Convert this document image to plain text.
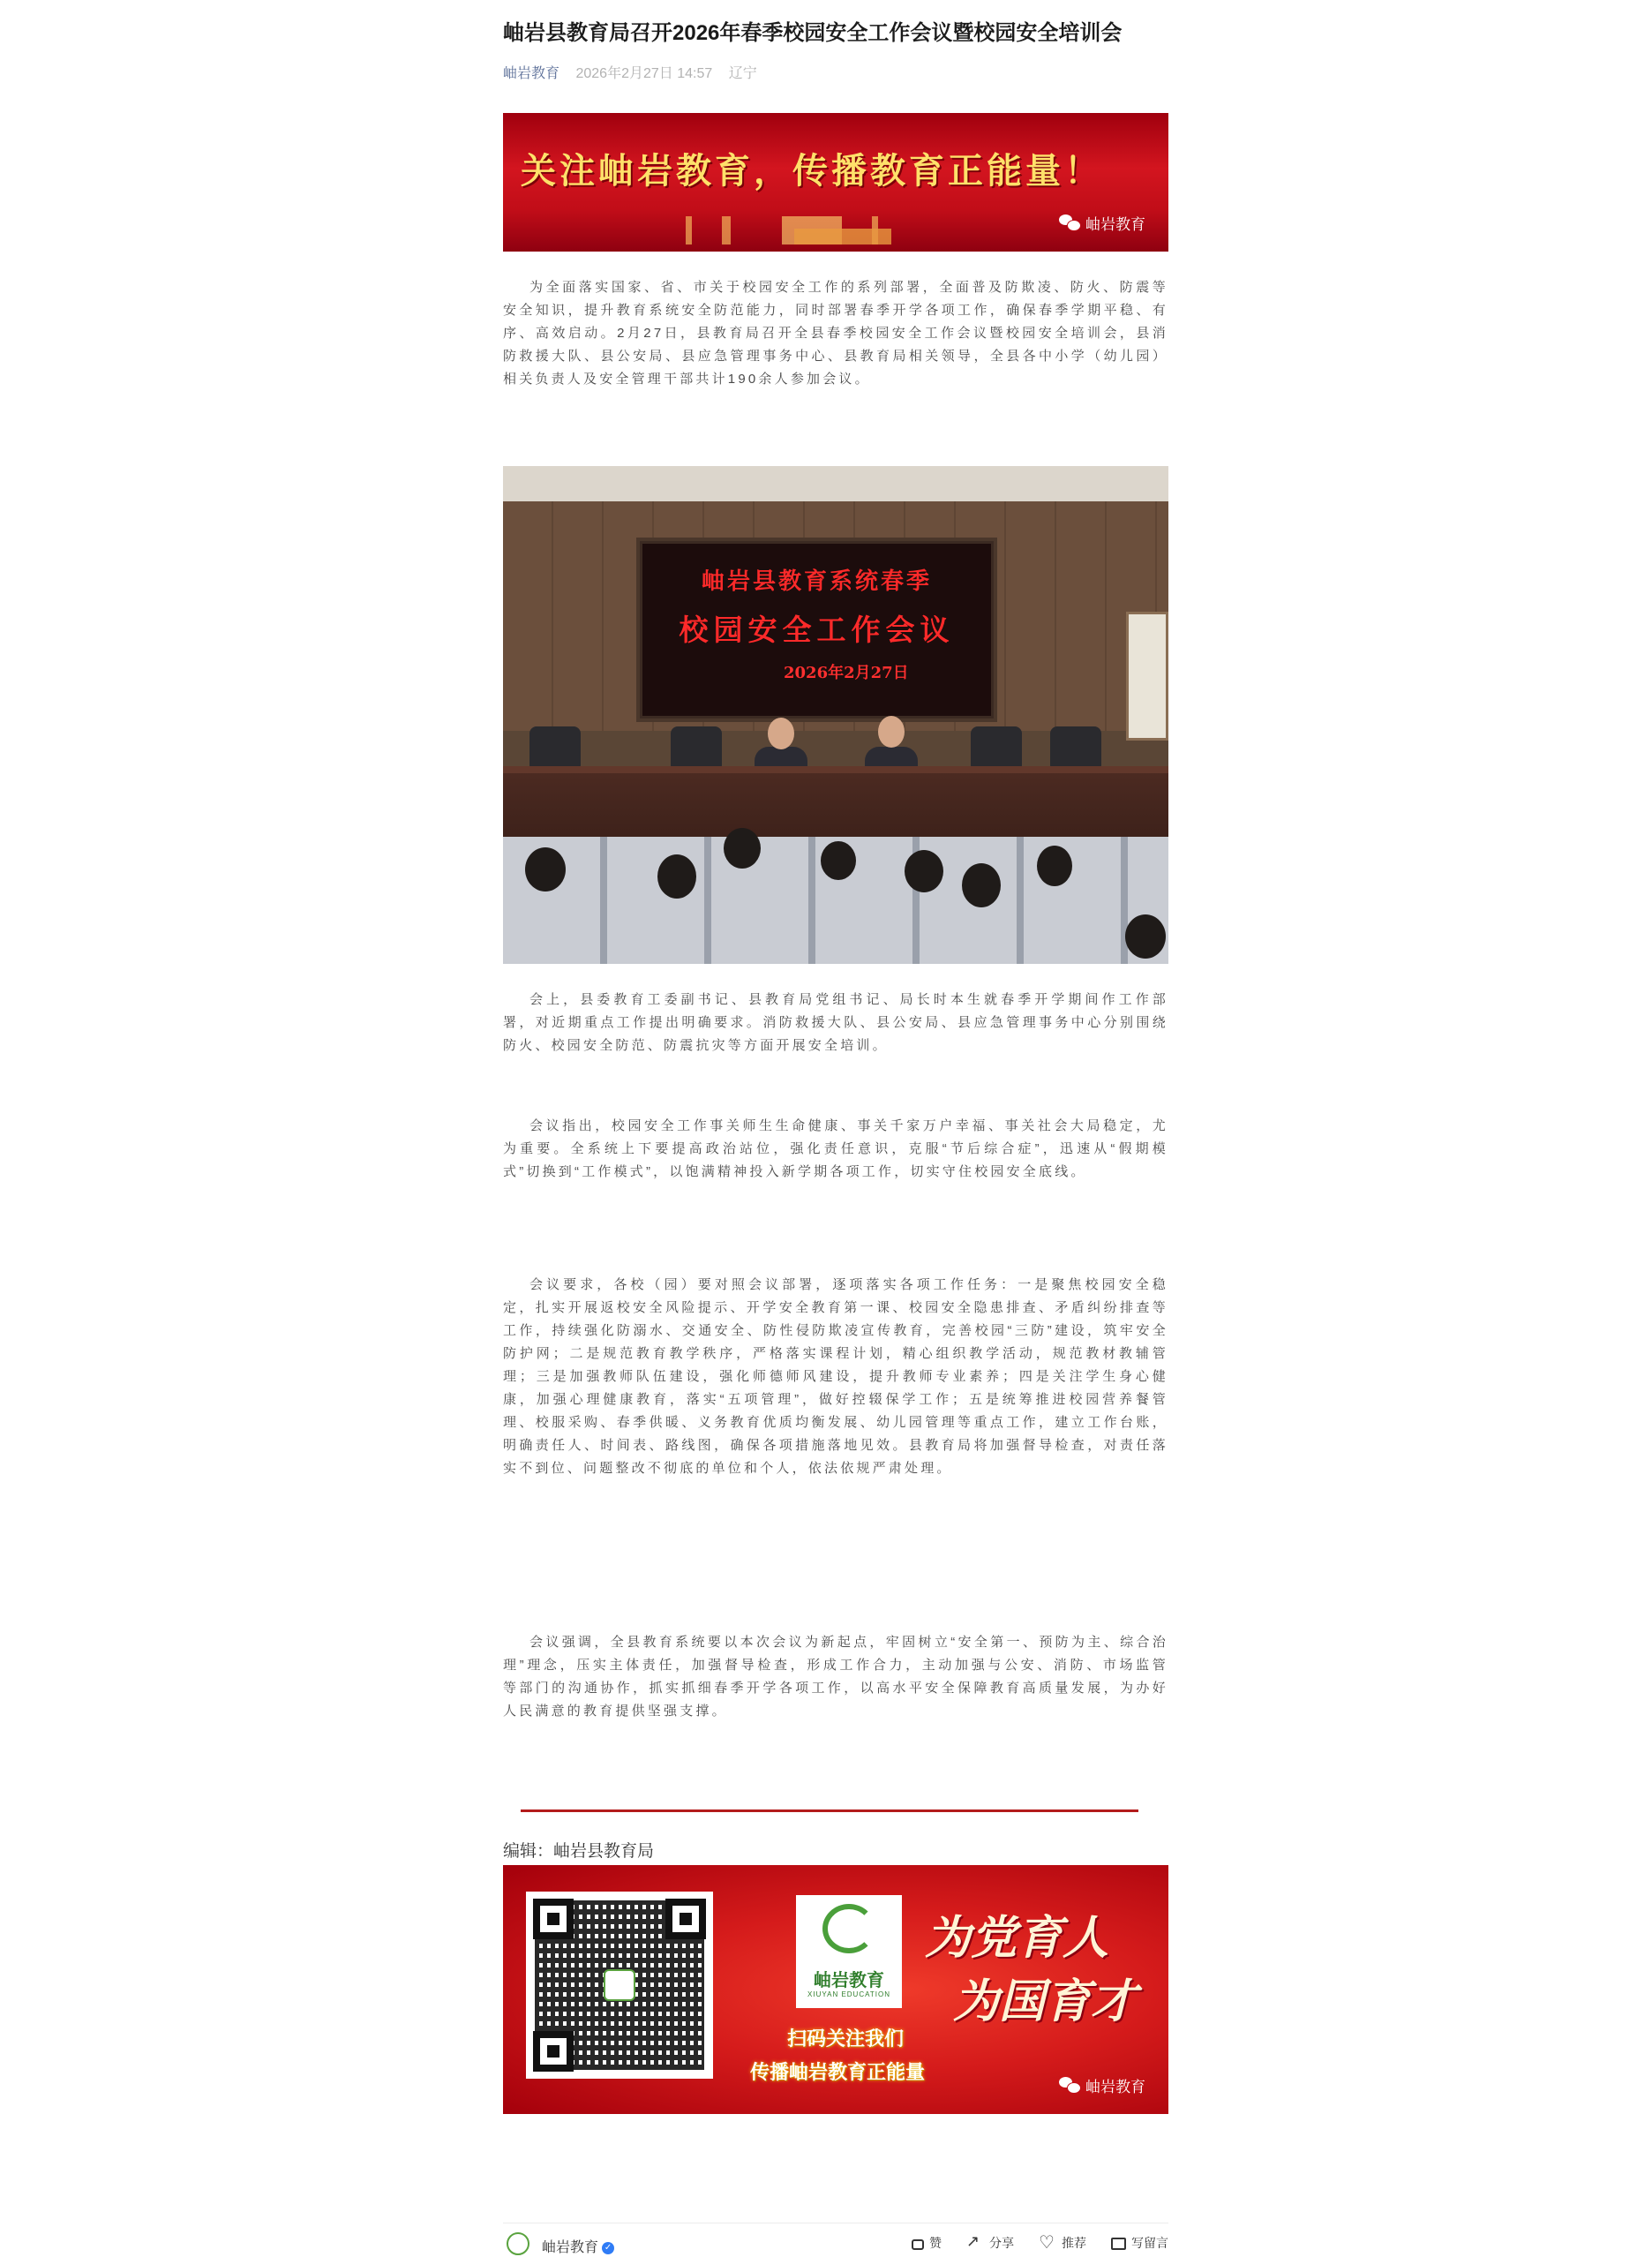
岫岩县教育局召开2026年春季校园安全工作会议暨校园安全培训会
岫岩教育 2026年2月27日 14:57 辽宁
关注岫岩教育，传播教育正能量！
岫岩教育
为全面落实国家、省、市关于校园安全工作的系列部署，全面普及防欺凌、防火、防震等安全知识，提升教育系统安全防范能力，同时部署春季开学各项工作，确保春季学期平稳、有序、高效启动。2月27日，县教育局召开全县春季校园安全工作会议暨校园安全培训会，县消防救援大队、县公安局、县应急管理事务中心、县教育局相关领导，全县各中小学（幼儿园）相关负责人及安全管理干部共计190余人参加会议。
岫岩县教育系统春季
校园安全工作会议
2026年2月27日
会上，县委教育工委副书记、县教育局党组书记、局长时本生就春季开学期间作工作部署，对近期重点工作提出明确要求。消防救援大队、县公安局、县应急管理事务中心分别围绕防火、校园安全防范、防震抗灾等方面开展安全培训。
会议指出，校园安全工作事关师生生命健康、事关千家万户幸福、事关社会大局稳定，尤为重要。全系统上下要提高政治站位，强化责任意识，克服“节后综合症”，迅速从“假期模式”切换到“工作模式”，以饱满精神投入新学期各项工作，切实守住校园安全底线。
会议要求，各校（园）要对照会议部署，逐项落实各项工作任务：一是聚焦校园安全稳定，扎实开展返校安全风险提示、开学安全教育第一课、校园安全隐患排查、矛盾纠纷排查等工作，持续强化防溺水、交通安全、防性侵防欺凌宣传教育，完善校园“三防”建设，筑牢安全防护网；二是规范教育教学秩序，严格落实课程计划，精心组织教学活动，规范教材教辅管理；三是加强教师队伍建设，强化师德师风建设，提升教师专业素养；四是关注学生身心健康，加强心理健康教育，落实“五项管理”，做好控辍保学工作；五是统筹推进校园营养餐管理、校服采购、春季供暖、义务教育优质均衡发展、幼儿园管理等重点工作，建立工作台账，明确责任人、时间表、路线图，确保各项措施落地见效。县教育局将加强督导检查，对责任落实不到位、问题整改不彻底的单位和个人，依法依规严肃处理。
会议强调，全县教育系统要以本次会议为新起点，牢固树立“安全第一、预防为主、综合治理”理念，压实主体责任，加强督导检查，形成工作合力，主动加强与公安、消防、市场监管等部门的沟通协作，抓实抓细春季开学各项工作，以高水平安全保障教育高质量发展，为办好人民满意的教育提供坚强支撑。
编辑：岫岩县教育局
岫岩教育
XIUYAN EDUCATION
为党育人
为国育才
扫码关注我们
传播岫岩教育正能量
岫岩教育
岫岩教育 ✓	赞 ↗	分享 ♡	推荐	写留言
